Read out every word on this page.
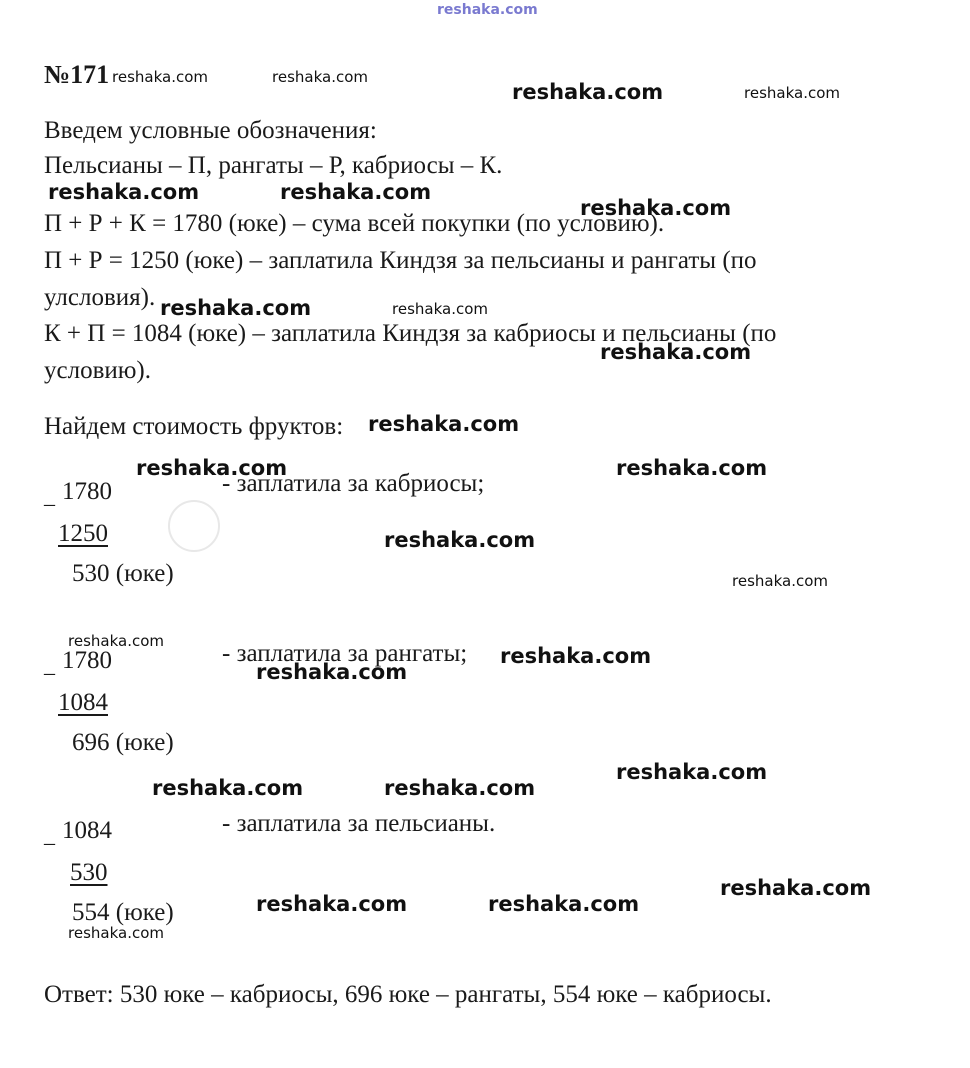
reshaka.com
№171
Введем условные обозначения:
Пельсианы – П, рангаты – Р, кабриосы – К.
П + Р + К = 1780 (юке) – сума всей покупки (по условию).
П + Р = 1250 (юке) – заплатила Киндзя за пельсианы и рангаты (по
улсловия).
К + П = 1084 (юке) – заплатила Киндзя за кабриосы и пельсианы (по
условию).
Найдем стоимость фруктов:
_ 1780
1250
530 (юке)
- заплатила за кабриосы;
_ 1780
1084
696 (юке)
- заплатила за рангаты;
_ 1084
530
554 (юке)
- заплатила за пельсианы.
Ответ: 530 юке – кабриосы, 696 юке – рангаты, 554 юке – кабриосы.
reshaka.com	reshaka.com
reshaka.com	reshaka.com
reshaka.com	reshaka.com
reshaka.com
reshaka.com	reshaka.com
reshaka.com
reshaka.com
reshaka.com	reshaka.com
reshaka.com
reshaka.com
reshaka.com
reshaka.com
reshaka.com
reshaka.com
reshaka.com	reshaka.com
reshaka.com
reshaka.com	reshaka.com
reshaka.com
